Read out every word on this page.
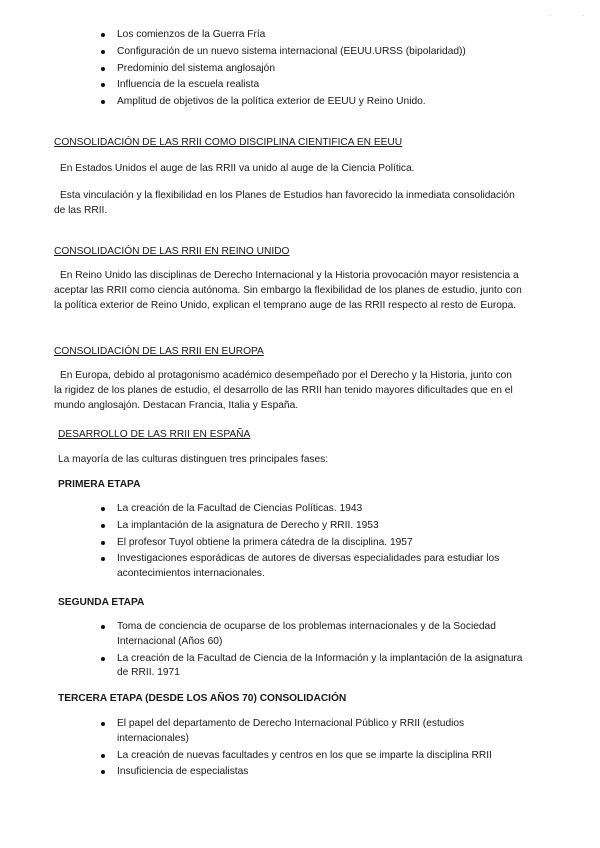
· ·
Los comienzos de la Guerra Fría
Configuración de un nuevo sistema internacional (EEUU.URSS (bipolaridad))
Predominio del sistema anglosajón
Influencia de la escuela realista
Amplitud de objetivos de la política exterior de EEUU y Reino Unido.
CONSOLIDACIÓN DE LAS RRII COMO DISCIPLINA CIENTIFICA EN EEUU
En Estados Unidos el auge de las RRII va unido al auge de la Ciencia Política.
Esta vinculación y la flexibilidad en los Planes de Estudios han favorecido la inmediata consolidación de las RRII.
CONSOLIDACIÓN DE LAS RRII EN REINO UNIDO
En Reino Unido las disciplinas de Derecho Internacional y la Historia provocación mayor resistencia a aceptar las RRII como ciencia autónoma. Sin embargo la flexibilidad de los planes de estudio, junto con la política exterior de Reino Unido, explican el temprano auge de las RRII respecto al resto de Europa.
CONSOLIDACIÓN DE LAS RRII EN EUROPA
En Europa, debido al protagonismo académico desempeñado por el Derecho y la Historia, junto con la rigidez de los planes de estudio, el desarrollo de las RRII han tenido mayores dificultades que en el mundo anglosajón. Destacan Francia, Italia y España.
DESARROLLO DE LAS RRII EN ESPAÑA
La mayoría de las culturas distinguen tres principales fases:
PRIMERA ETAPA
La creación de la Facultad de Ciencias Políticas. 1943
La implantación de la asignatura de Derecho y RRII. 1953
El profesor Tuyol obtiene la primera cátedra de la disciplina. 1957
Investigaciones esporádicas de autores de diversas especialidades para estudiar los acontecimientos internacionales.
SEGUNDA ETAPA
Toma de conciencia de ocuparse de los problemas internacionales y de la Sociedad Internacional (Años 60)
La creación de la Facultad de Ciencia de la Información y la implantación de la asignatura de RRII. 1971
TERCERA ETAPA (DESDE LOS AÑOS 70) CONSOLIDACIÓN
El papel del departamento de Derecho Internacional Público y RRII (estudios internacionales)
La creación de nuevas facultades y centros en los que se imparte la disciplina RRII
Insuficiencia de especialistas
